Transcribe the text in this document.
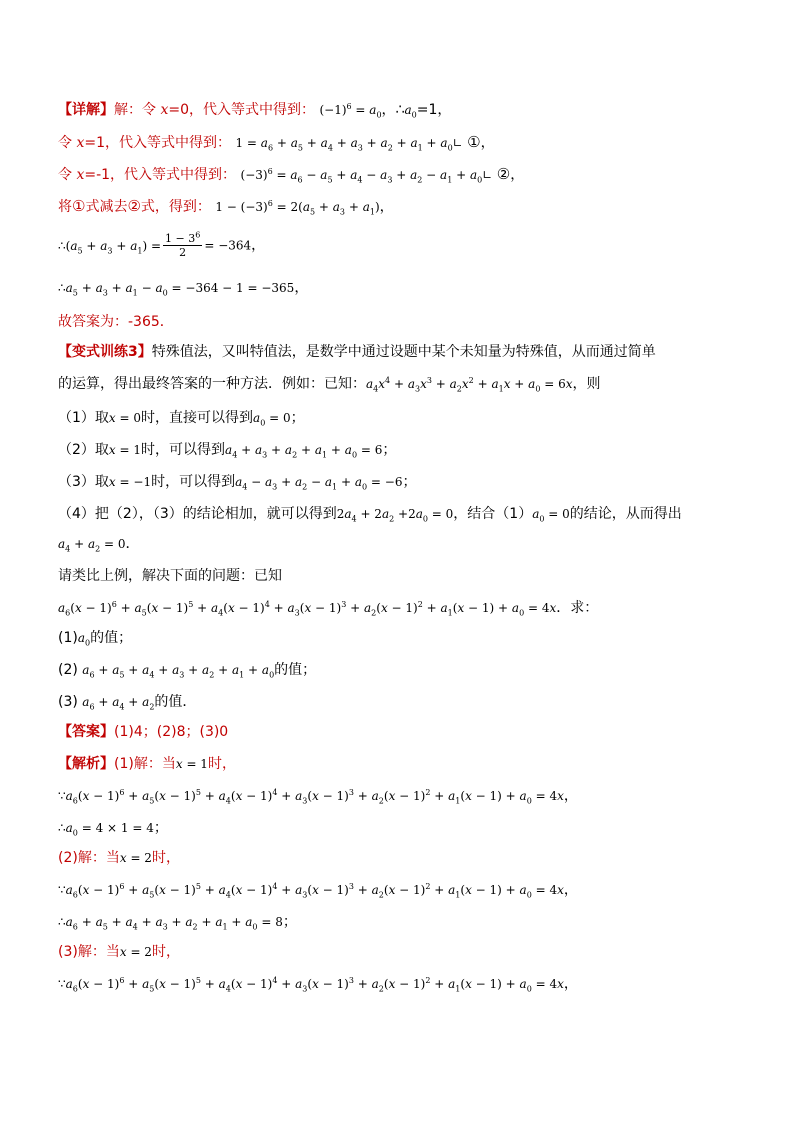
【详解】解：令 x=0，代入等式中得到： $(-1)^6 = a_0$，$\therefore a_0=1$，
令 x=1，代入等式中得到： $1 = a_6 + a_5 + a_4 + a_3 + a_2 + a_1$ + $a_0∟$ ①，
令 x=-1，代入等式中得到： $(-3)^6 = a_6 - a_5 + a_4 - a_3 + a_2 - a_1$ + $a_0∟$ ②，
将①式减去②式，得到： $1 - (-3)^6 = 2(a_5 + a_3 + a_1)$，
$\therefore(a_5 + a_3 + a_1) = \frac{1 - 3^6}{2} = -364$，
$\therefore a_5 + a_3 + a_1 - a_0 = -364 - 1 = -365$，
故答案为：-365．
【变式训练3】特殊值法，又叫特值法，是数学中通过设题中某个未知量为特殊值，从而通过简单
的运算，得出最终答案的一种方法．例如：已知：$a_4x^4 + a_3x^3 + a_2x^2 + a_1x + a_0 = 6x$，则
（1）取x = 0时，直接可以得到$a_0 = 0$；
（2）取x = 1时，可以得到$a_4 + a_3 + a_2 + a_1 + a_0 = 6$；
（3）取x = −1时，可以得到$a_4 - a_3 + a_2 - a_1 + a_0 = -6$；
（4）把（2），（3）的结论相加，就可以得到$2a_4 + 2a_2 +2a_0 = 0$，结合$(1)a_0 = 0$的结论，从而得出
$a_4 + a_2 = 0$．
请类比上例，解决下面的问题：已知
$a_6(x - 1)^6 + a_5(x - 1)^5 + a_4(x - 1)^4 + a_3(x - 1)^3 + a_2(x - 1)^2 + a_1(x - 1) + a_0 = 4x$．求：
$(1)a_0$的值；
(2) $a_6 + a_5 + a_4 + a_3 + a_2 + a_1 + a_0$的值；
(3) $a_6 + a_4 + a_2$的值．
【答案】(1)4；(2)8；(3)0
【解析】(1)解：当x = 1时，
$\because a_6(x - 1)^6 + a_5(x - 1)^5 + a_4(x - 1)^4 + a_3(x - 1)^3 + a_2(x - 1)^2 + a_1(x - 1) + a_0 = 4x$，
$\therefore a_0 = 4 \times 1 = 4$；
(2)解：当x = 2时，
$\because a_6(x - 1)^6 + a_5(x - 1)^5 + a_4(x - 1)^4 + a_3(x - 1)^3 + a_2(x - 1)^2 + a_1(x - 1) + a_0 = 4x$，
$\therefore a_6 + a_5 + a_4 + a_3 + a_2 + a_1 + a_0 = 8$；
(3)解：当x = 2时，
$\because a_6(x - 1)^6 + a_5(x - 1)^5 + a_4(x - 1)^4 + a_3(x - 1)^3 + a_2(x - 1)^2 + a_1(x - 1) + a_0 = 4x$，
